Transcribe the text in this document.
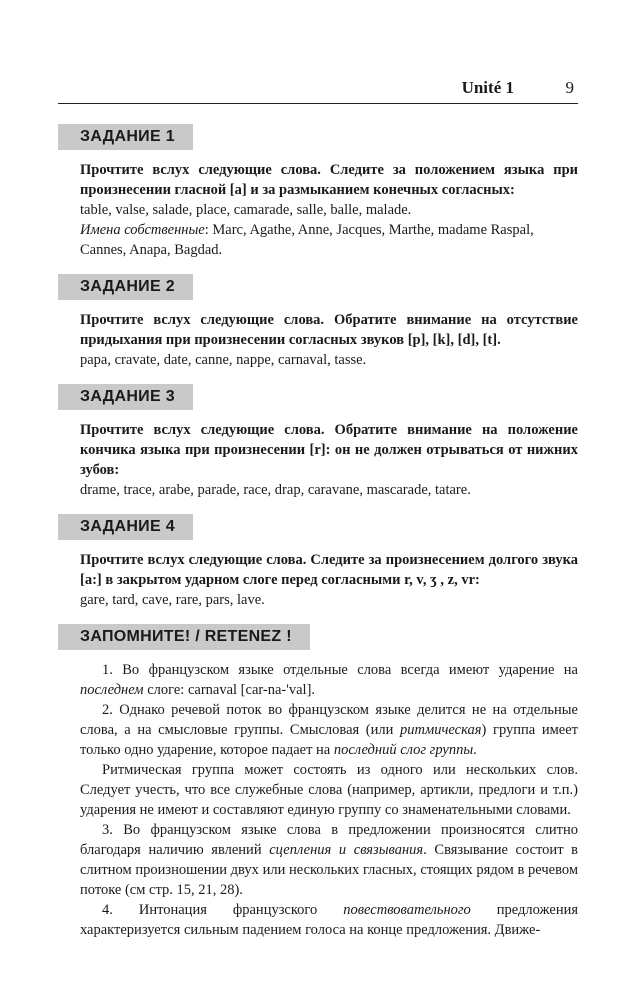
Unité 1	9
ЗАДАНИЕ 1
Прочтите вслух следующие слова. Следите за положением языка при произнесении гласной [a] и за размыканием конечных согласных:
table, valse, salade, place, camarade, salle, balle, malade.
Имена собственные: Marc, Agathe, Anne, Jacques, Marthe, madame Raspal, Cannes, Anapa, Bagdad.
ЗАДАНИЕ 2
Прочтите вслух следующие слова. Обратите внимание на отсутствие придыхания при произнесении согласных звуков [p], [k], [d], [t].
papa, cravate, date, canne, nappe, carnaval, tasse.
ЗАДАНИЕ 3
Прочтите вслух следующие слова. Обратите внимание на положение кончика языка при произнесении [r]: он не должен отрываться от нижних зубов:
drame, trace, arabe, parade, race, drap, caravane, mascarade, tatare.
ЗАДАНИЕ 4
Прочтите вслух следующие слова. Следите за произнесением долгого звука [a:] в закрытом ударном слоге перед согласными r, v, ʒ , z, vr:
gare, tard, cave, rare, pars, lave.
ЗАПОМНИТЕ! / RETENEZ !

1. Во французском языке отдельные слова всегда имеют ударение на последнем слоге: carnaval [car-na-'val].

2. Однако речевой поток во французском языке делится не на отдельные слова, а на смысловые группы. Смысловая (или ритмическая) группа имеет только одно ударение, которое падает на последний слог группы.

Ритмическая группа может состоять из одного или нескольких слов. Следует учесть, что все служебные слова (например, артикли, предлоги и т.п.) ударения не имеют и составляют единую группу со знаменательными словами.

3. Во французском языке слова в предложении произносятся слитно благодаря наличию явлений сцепления и связывания. Связывание состоит в слитном произношении двух или нескольких гласных, стоящих рядом в речевом потоке (см стр. 15, 21, 28).

4. Интонация французского повествовательного предложения характеризуется сильным падением голоса на конце предложения. Движе-
